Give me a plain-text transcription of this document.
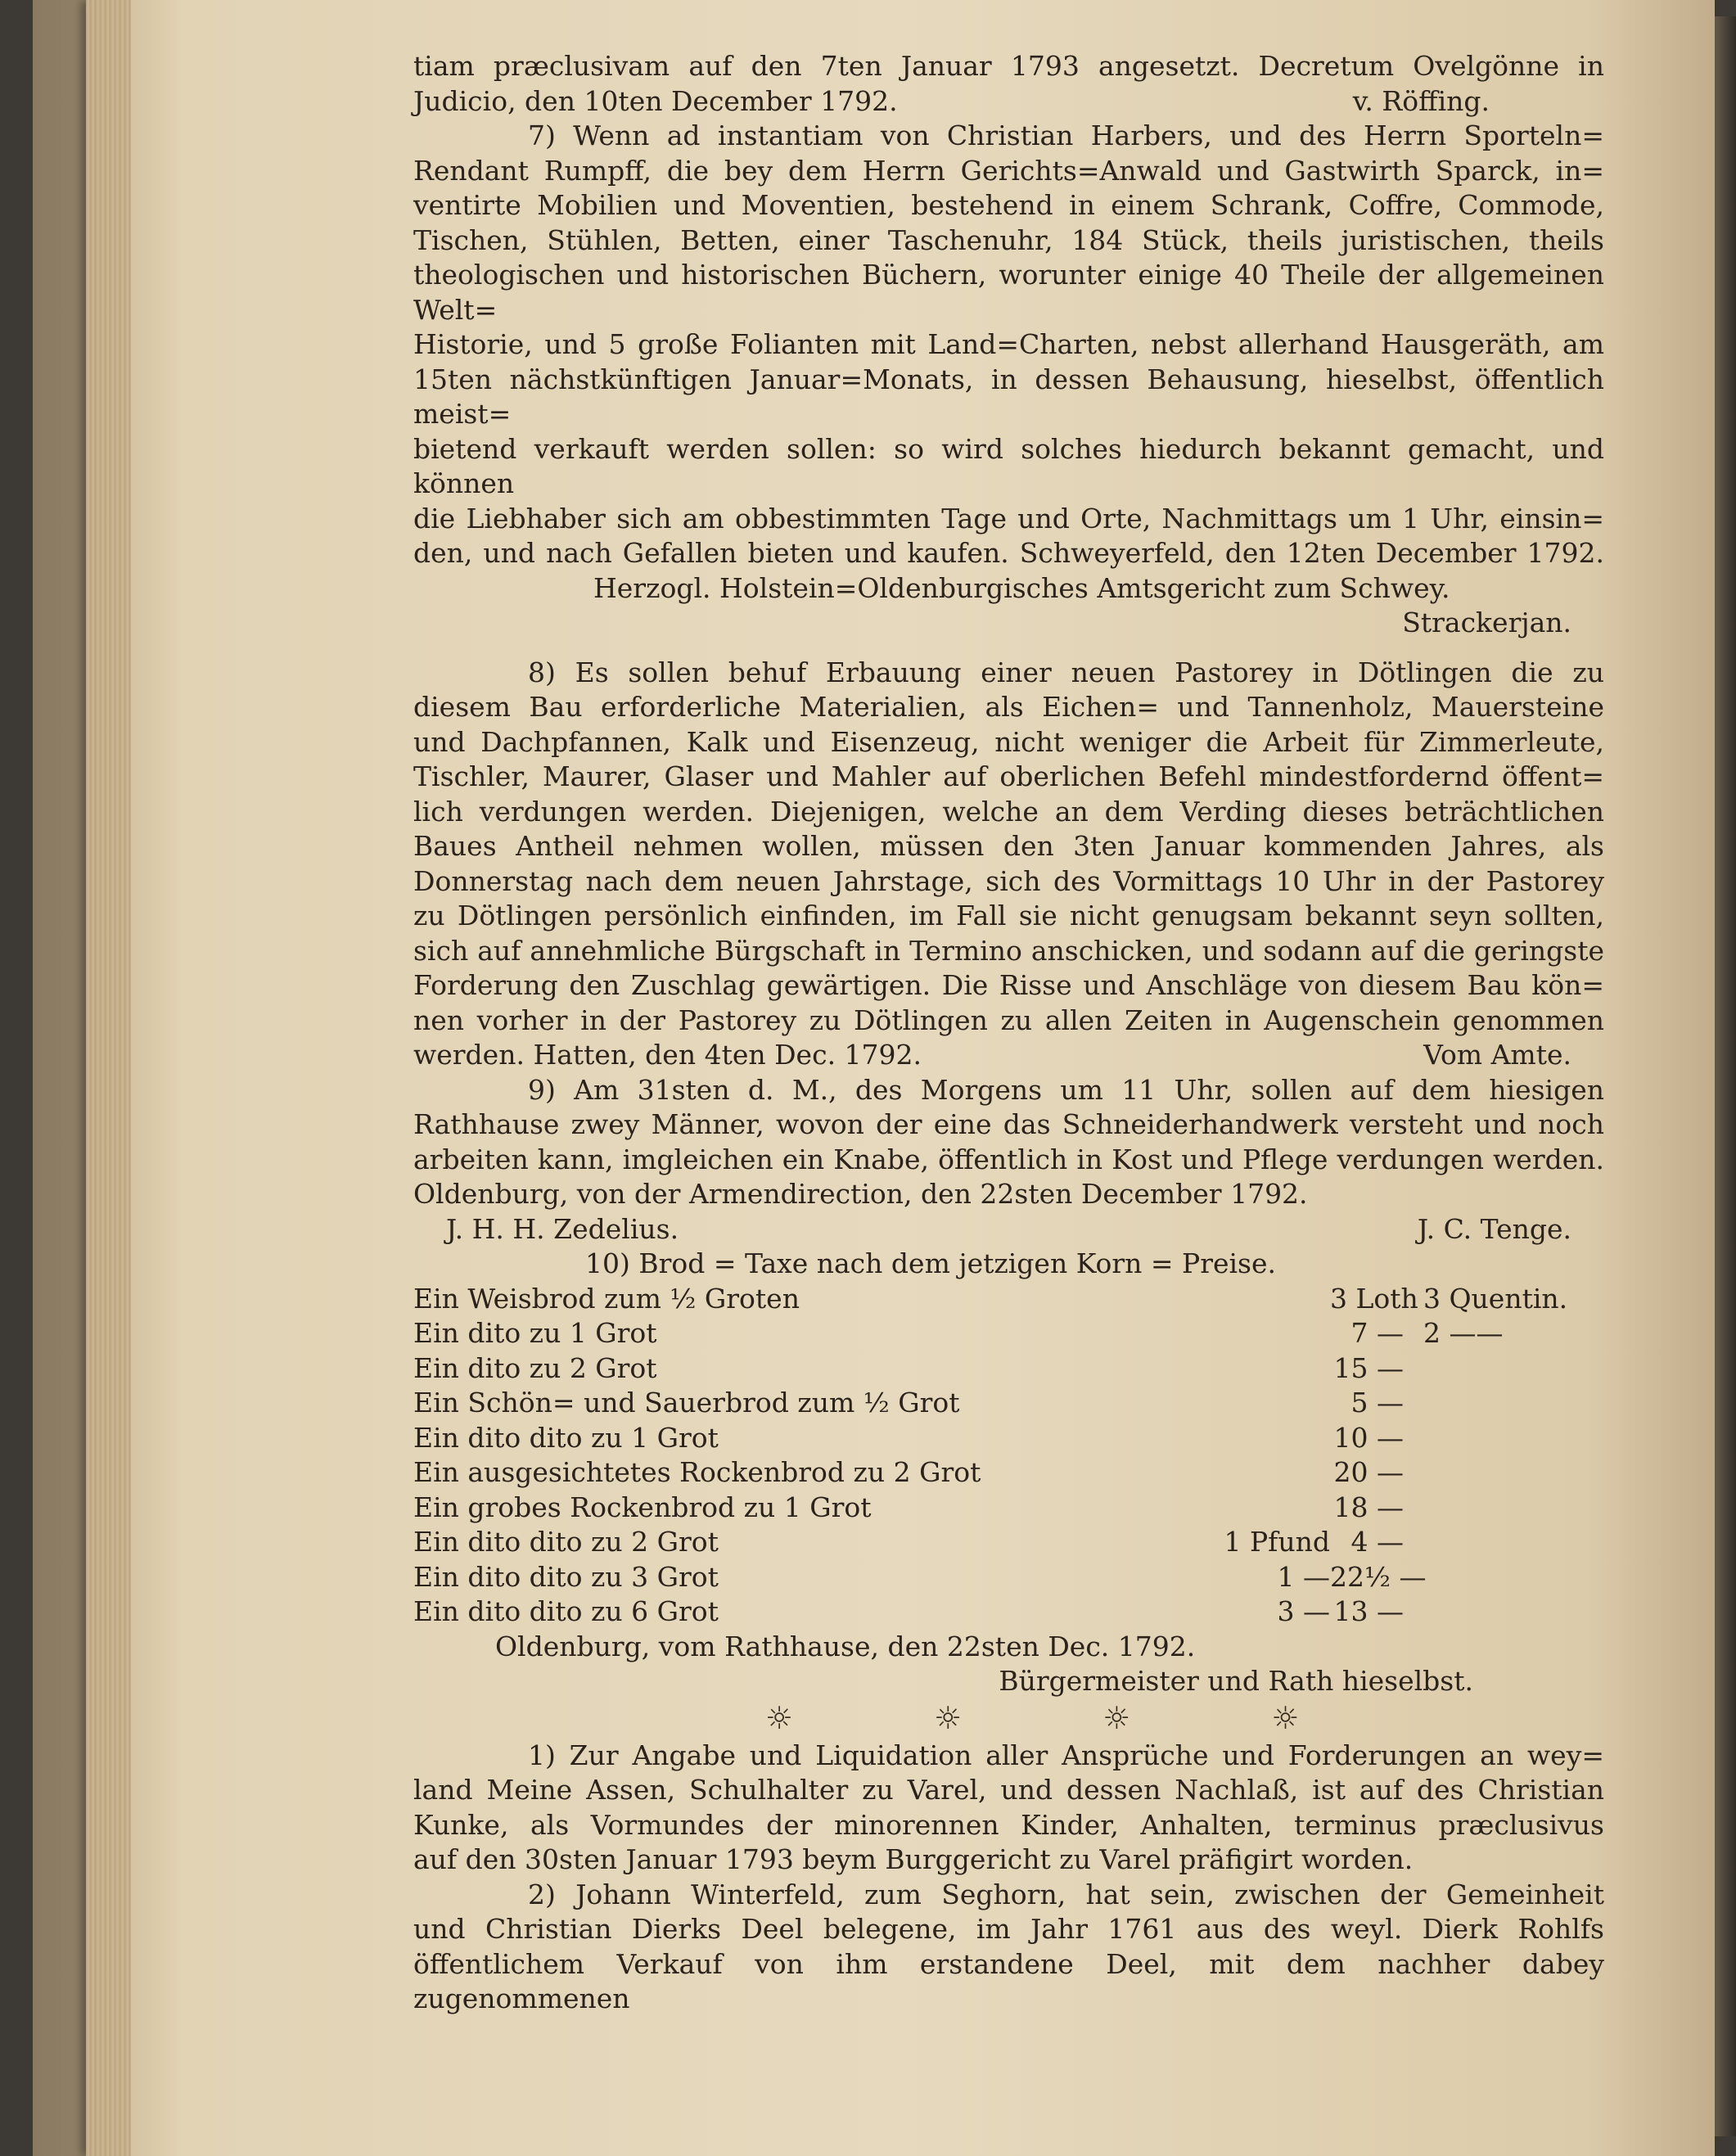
tiam præclusivam auf den 7ten Januar 1793 angesetzt. Decretum Ovelgönne in
Judicio, den 10ten December 1792.	v. Röffing.
7) Wenn ad instantiam von Christian Harbers, und des Herrn Sporteln=
Rendant Rumpff, die bey dem Herrn Gerichts=Anwald und Gastwirth Sparck, in=
ventirte Mobilien und Moventien, bestehend in einem Schrank, Coffre, Commode,
Tischen, Stühlen, Betten, einer Taschenuhr, 184 Stück, theils juristischen, theils
theologischen und historischen Büchern, worunter einige 40 Theile der allgemeinen Welt=
Historie, und 5 große Folianten mit Land=Charten, nebst allerhand Hausgeräth, am
15ten nächstkünftigen Januar=Monats, in dessen Behausung, hieselbst, öffentlich meist=
bietend verkauft werden sollen: so wird solches hiedurch bekannt gemacht, und können
die Liebhaber sich am obbestimmten Tage und Orte, Nachmittags um 1 Uhr, einsin=
den, und nach Gefallen bieten und kaufen. Schweyerfeld, den 12ten December 1792.
Herzogl. Holstein=Oldenburgisches Amtsgericht zum Schwey.
Strackerjan.
8) Es sollen behuf Erbauung einer neuen Pastorey in Dötlingen die zu
diesem Bau erforderliche Materialien, als Eichen= und Tannenholz, Mauersteine
und Dachpfannen, Kalk und Eisenzeug, nicht weniger die Arbeit für Zimmerleute,
Tischler, Maurer, Glaser und Mahler auf oberlichen Befehl mindestfordernd öffent=
lich verdungen werden. Diejenigen, welche an dem Verding dieses beträchtlichen
Baues Antheil nehmen wollen, müssen den 3ten Januar kommenden Jahres, als
Donnerstag nach dem neuen Jahrstage, sich des Vormittags 10 Uhr in der Pastorey
zu Dötlingen persönlich einfinden, im Fall sie nicht genugsam bekannt seyn sollten,
sich auf annehmliche Bürgschaft in Termino anschicken, und sodann auf die geringste
Forderung den Zuschlag gewärtigen. Die Risse und Anschläge von diesem Bau kön=
nen vorher in der Pastorey zu Dötlingen zu allen Zeiten in Augenschein genommen
werden. Hatten, den 4ten Dec. 1792.	Vom Amte.
9) Am 31sten d. M., des Morgens um 11 Uhr, sollen auf dem hiesigen
Rathhause zwey Männer, wovon der eine das Schneiderhandwerk versteht und noch
arbeiten kann, imgleichen ein Knabe, öffentlich in Kost und Pflege verdungen werden.
Oldenburg, von der Armendirection, den 22sten December 1792.
J. H. H. Zedelius.	J. C. Tenge.
10) Brod = Taxe nach dem jetzigen Korn = Preise.
Ein Weisbrod zum ½ Groten	3 Loth 3 Quentin.
Ein dito zu 1 Grot	7 — 2 ——
Ein dito zu 2 Grot	15 —
Ein Schön= und Sauerbrod zum ½ Grot	5 —
Ein dito dito zu 1 Grot	10 —
Ein ausgesichtetes Rockenbrod zu 2 Grot	20 —
Ein grobes Rockenbrod zu 1 Grot	18 —
Ein dito dito zu 2 Grot	1 Pfund 4 —
Ein dito dito zu 3 Grot	1 — 22½ —
Ein dito dito zu 6 Grot	3 — 13 —
Oldenburg, vom Rathhause, den 22sten Dec. 1792.
Bürgermeister und Rath hieselbst.
☼ ☼ ☼ ☼
1) Zur Angabe und Liquidation aller Ansprüche und Forderungen an wey=
land Meine Assen, Schulhalter zu Varel, und dessen Nachlaß, ist auf des Christian
Kunke, als Vormundes der minorennen Kinder, Anhalten, terminus præclusivus
auf den 30sten Januar 1793 beym Burggericht zu Varel präfigirt worden.
2) Johann Winterfeld, zum Seghorn, hat sein, zwischen der Gemeinheit
und Christian Dierks Deel belegene, im Jahr 1761 aus des weyl. Dierk Rohlfs
öffentlichem Verkauf von ihm erstandene Deel, mit dem nachher dabey zugenommenen
